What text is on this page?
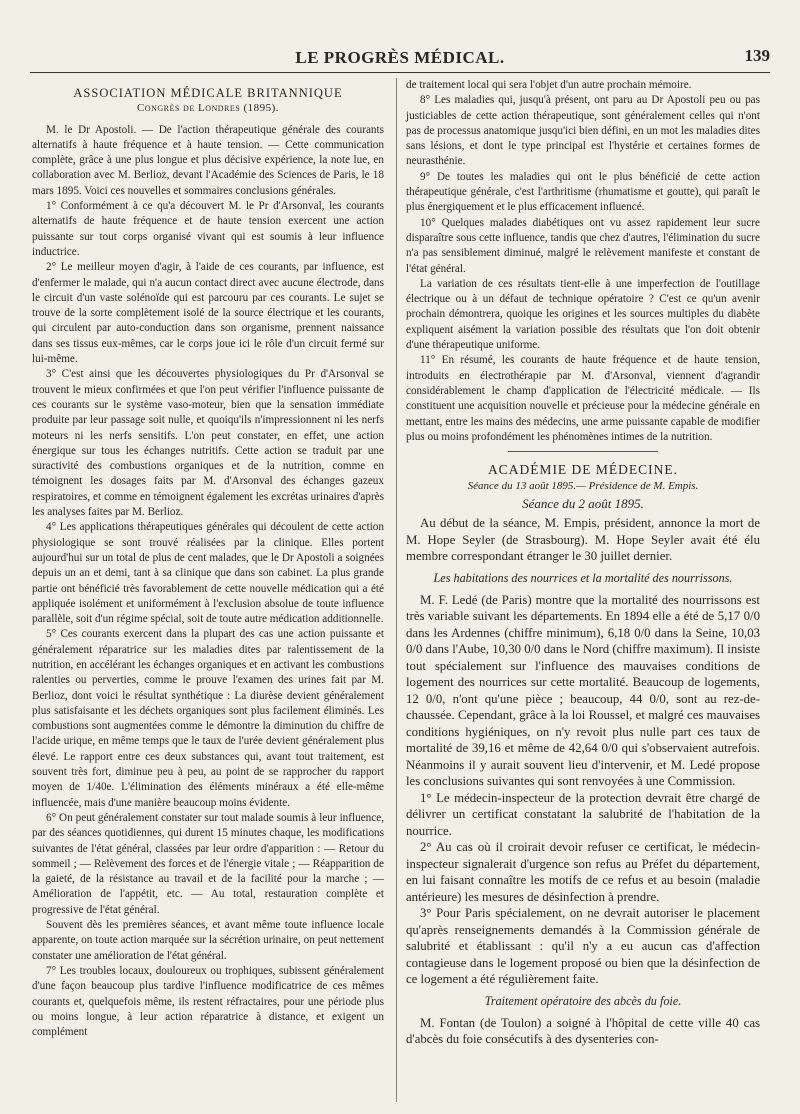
LE PROGRÈS MÉDICAL.	139
ASSOCIATION MÉDICALE BRITANNIQUE
Congrès de Londres (1895).

M. le Dr Apostoli. — De l'action thérapeutique générale des courants alternatifs à haute fréquence et à haute tension. — Cette communication complète, grâce à une plus longue et plus décisive expérience, la note lue, en collaboration avec M. Berlioz, devant l'Académie des Sciences de Paris, le 18 mars 1895. Voici ces nouvelles et sommaires conclusions générales.

1° Conformément à ce qu'a découvert M. le Pr d'Arsonval, les courants alternatifs de haute fréquence et de haute tension exercent une action puissante sur tout corps organisé vivant qui est soumis à leur influence inductrice.

2° Le meilleur moyen d'agir, à l'aide de ces courants, par influence, est d'enfermer le malade, qui n'a aucun contact direct avec aucune électrode, dans le circuit d'un vaste solénoïde qui est parcouru par ces courants. Le sujet se trouve de la sorte complètement isolé de la source électrique et les courants, qui circulent par auto-conduction dans son organisme, prennent naissance dans ses tissus eux-mêmes, car le corps joue ici le rôle d'un circuit fermé sur lui-même.

3° C'est ainsi que les découvertes physiologiques du Pr d'Arsonval se trouvent le mieux confirmées et que l'on peut vérifier l'influence puissante de ces courants sur le système vaso-moteur, bien que la sensation immédiate produite par leur passage soit nulle, et quoiqu'ils n'impressionnent ni les nerfs moteurs ni les nerfs sensitifs. L'on peut constater, en effet, une action énergique sur tous les échanges nutritifs. Cette action se traduit par une suractivité des combustions organiques et de la nutrition, comme en témoignent les dosages faits par M. d'Arsonval des échanges gazeux respiratoires, et comme en témoignent également les excrétas urinaires d'après les analyses faites par M. Berlioz.

4° Les applications thérapeutiques générales qui découlent de cette action physiologique se sont trouvé réalisées par la clinique. Elles portent aujourd'hui sur un total de plus de cent malades, que le Dr Apostoli a soignées depuis un an et demi, tant à sa clinique que dans son cabinet. La plus grande partie ont bénéficié très favorablement de cette nouvelle médication qui a été appliquée isolément et uniformément à l'exclusion absolue de toute influence parallèle, soit d'un régime spécial, soit de toute autre médication additionnelle.

5° Ces courants exercent dans la plupart des cas une action puissante et généralement réparatrice sur les maladies dites par ralentissement de la nutrition, en accélérant les échanges organiques et en activant les combustions ralenties ou perverties, comme le prouve l'examen des urines fait par M. Berlioz, dont voici le résultat synthétique : La diurèse devient généralement plus satisfaisante et les déchets organiques sont plus facilement éliminés. Les combustions sont augmentées comme le démontre la diminution du chiffre de l'acide urique, en même temps que le taux de l'urée devient généralement plus élevé. Le rapport entre ces deux substances qui, avant tout traitement, est souvent très fort, diminue peu à peu, au point de se rapprocher du rapport moyen de 1/40e. L'élimination des éléments minéraux a été elle-même influencée, mais d'une manière beaucoup moins évidente.

6° On peut généralement constater sur tout malade soumis à leur influence, par des séances quotidiennes, qui durent 15 minutes chaque, les modifications suivantes de l'état général, classées par leur ordre d'apparition : — Retour du sommeil ; — Relèvement des forces et de l'énergie vitale ; — Réapparition de la gaieté, de la résistance au travail et de la facilité pour la marche ; — Amélioration de l'appétit, etc. — Au total, restauration complète et progressive de l'état général.

Souvent dès les premières séances, et avant même toute influence locale apparente, on toute action marquée sur la sécrétion urinaire, on peut nettement constater une amélioration de l'état général.

7° Les troubles locaux, douloureux ou trophiques, subissent généralement d'une façon beaucoup plus tardive l'influence modificatrice de ces mêmes courants et, quelquefois même, ils restent réfractaires, pour une période plus ou moins longue, à leur action réparatrice à distance, et exigent un complément

de traitement local qui sera l'objet d'un autre prochain mémoire.

8° Les maladies qui, jusqu'à présent, ont paru au Dr Apostoli peu ou pas justiciables de cette action thérapeutique, sont généralement celles qui n'ont pas de processus anatomique jusqu'ici bien défini, en un mot les maladies dites sans lésions, et dont le type principal est l'hystérie et certaines formes de neurasthénie.

9° De toutes les maladies qui ont le plus bénéficié de cette action thérapeutique générale, c'est l'arthritisme (rhumatisme et goutte), qui paraît le plus énergiquement et le plus efficacement influencé.

10° Quelques malades diabétiques ont vu assez rapidement leur sucre disparaître sous cette influence, tandis que chez d'autres, l'élimination du sucre n'a pas sensiblement diminué, malgré le relèvement manifeste et constant de l'état général.

La variation de ces résultats tient-elle à une imperfection de l'outillage électrique ou à un défaut de technique opératoire ? C'est ce qu'un avenir prochain démontrera, quoique les origines et les sources multiples du diabète expliquent aisément la variation possible des résultats que l'on doit obtenir d'une thérapeutique uniforme.

11° En résumé, les courants de haute fréquence et de haute tension, introduits en électrothérapie par M. d'Arsonval, viennent d'agrandir considérablement le champ d'application de l'électricité médicale. — Ils constituent une acquisition nouvelle et précieuse pour la médecine générale en mettant, entre les mains des médecins, une arme puissante capable de modifier plus ou moins profondément les phénomènes intimes de la nutrition.

ACADÉMIE DE MÉDECINE.
Séance du 13 août 1895.— Présidence de M. Empis.
Séance du 2 août 1895.

Au début de la séance, M. Empis, président, annonce la mort de M. Hope Seyler (de Strasbourg). M. Hope Seyler avait été élu membre correspondant étranger le 30 juillet dernier.

Les habitations des nourrices et la mortalité des nourrissons.

M. F. Ledé (de Paris) montre que la mortalité des nourrissons est très variable suivant les départements. En 1894 elle a été de 5,17 0/0 dans les Ardennes (chiffre minimum), 6,18 0/0 dans la Seine, 10,03 0/0 dans l'Aube, 10,30 0/0 dans le Nord (chiffre maximum). Il insiste tout spécialement sur l'influence des mauvaises conditions de logement des nourrices sur cette mortalité. Beaucoup de logements, 12 0/0, n'ont qu'une pièce ; beaucoup, 44 0/0, sont au rez-de-chaussée. Cependant, grâce à la loi Roussel, et malgré ces mauvaises conditions hygiéniques, on n'y revoit plus nulle part ces taux de mortalité de 39,16 et même de 42,64 0/0 qui s'observaient autrefois. Néanmoins il y aurait souvent lieu d'intervenir, et M. Ledé propose les conclusions suivantes qui sont renvoyées à une Commission.

1° Le médecin-inspecteur de la protection devrait être chargé de délivrer un certificat constatant la salubrité de l'habitation de la nourrice.

2° Au cas où il croirait devoir refuser ce certificat, le médecin-inspecteur signalerait d'urgence son refus au Préfet du département, en lui faisant connaître les motifs de ce refus et au besoin (maladie antérieure) les mesures de désinfection à prendre.

3° Pour Paris spécialement, on ne devrait autoriser le placement qu'après renseignements demandés à la Commission générale de salubrité et établissant : qu'il n'y a eu aucun cas d'affection contagieuse dans le logement proposé ou bien que la désinfection de ce logement a été régulièrement faite.

Traitement opératoire des abcès du foie.

M. Fontan (de Toulon) a soigné à l'hôpital de cette ville 40 cas d'abcès du foie consécutifs à des dysenteries con-
